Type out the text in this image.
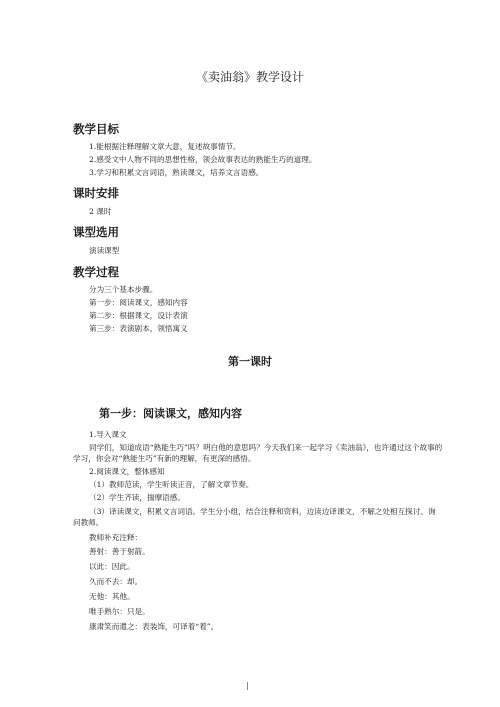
《卖油翁》教学设计
教学目标
1.能根据注释理解文章大意，复述故事情节。
2.感受文中人物不同的思想性格，领会故事表达的熟能生巧的道理。
3.学习和积累文言词语，熟读课文，培养文言语感。
课时安排
2 课时
课型选用
演读课型
教学过程
分为三个基本步骤。
第一步：阅读课文，感知内容
第二步：根据课文，设计表演
第三步：表演剧本，领悟寓义
第一课时
第一步：阅读课文，感知内容
1.导入课文
同学们，知道成语“熟能生巧”吗？明白他的意思吗？今天我们来一起学习《卖油翁》，也许通过这个故事的学习，你会对“熟能生巧”有新的理解，有更深的感悟。
2.阅读课文，整体感知
（1）教师范读，学生听读正音，了解文章节奏。
（2）学生齐读，揣摩语感。
（3）译读课文，积累文言词语。学生分小组，结合注释和资料，边读边译课文，不解之处相互探讨、询问教师。
教师补充注释：
善射：善于射箭。
以此：因此。
久而不去：却。
无他：其他。
唯手熟尔：只是。
康肃笑而遣之：表装饰，可译着“着”。
